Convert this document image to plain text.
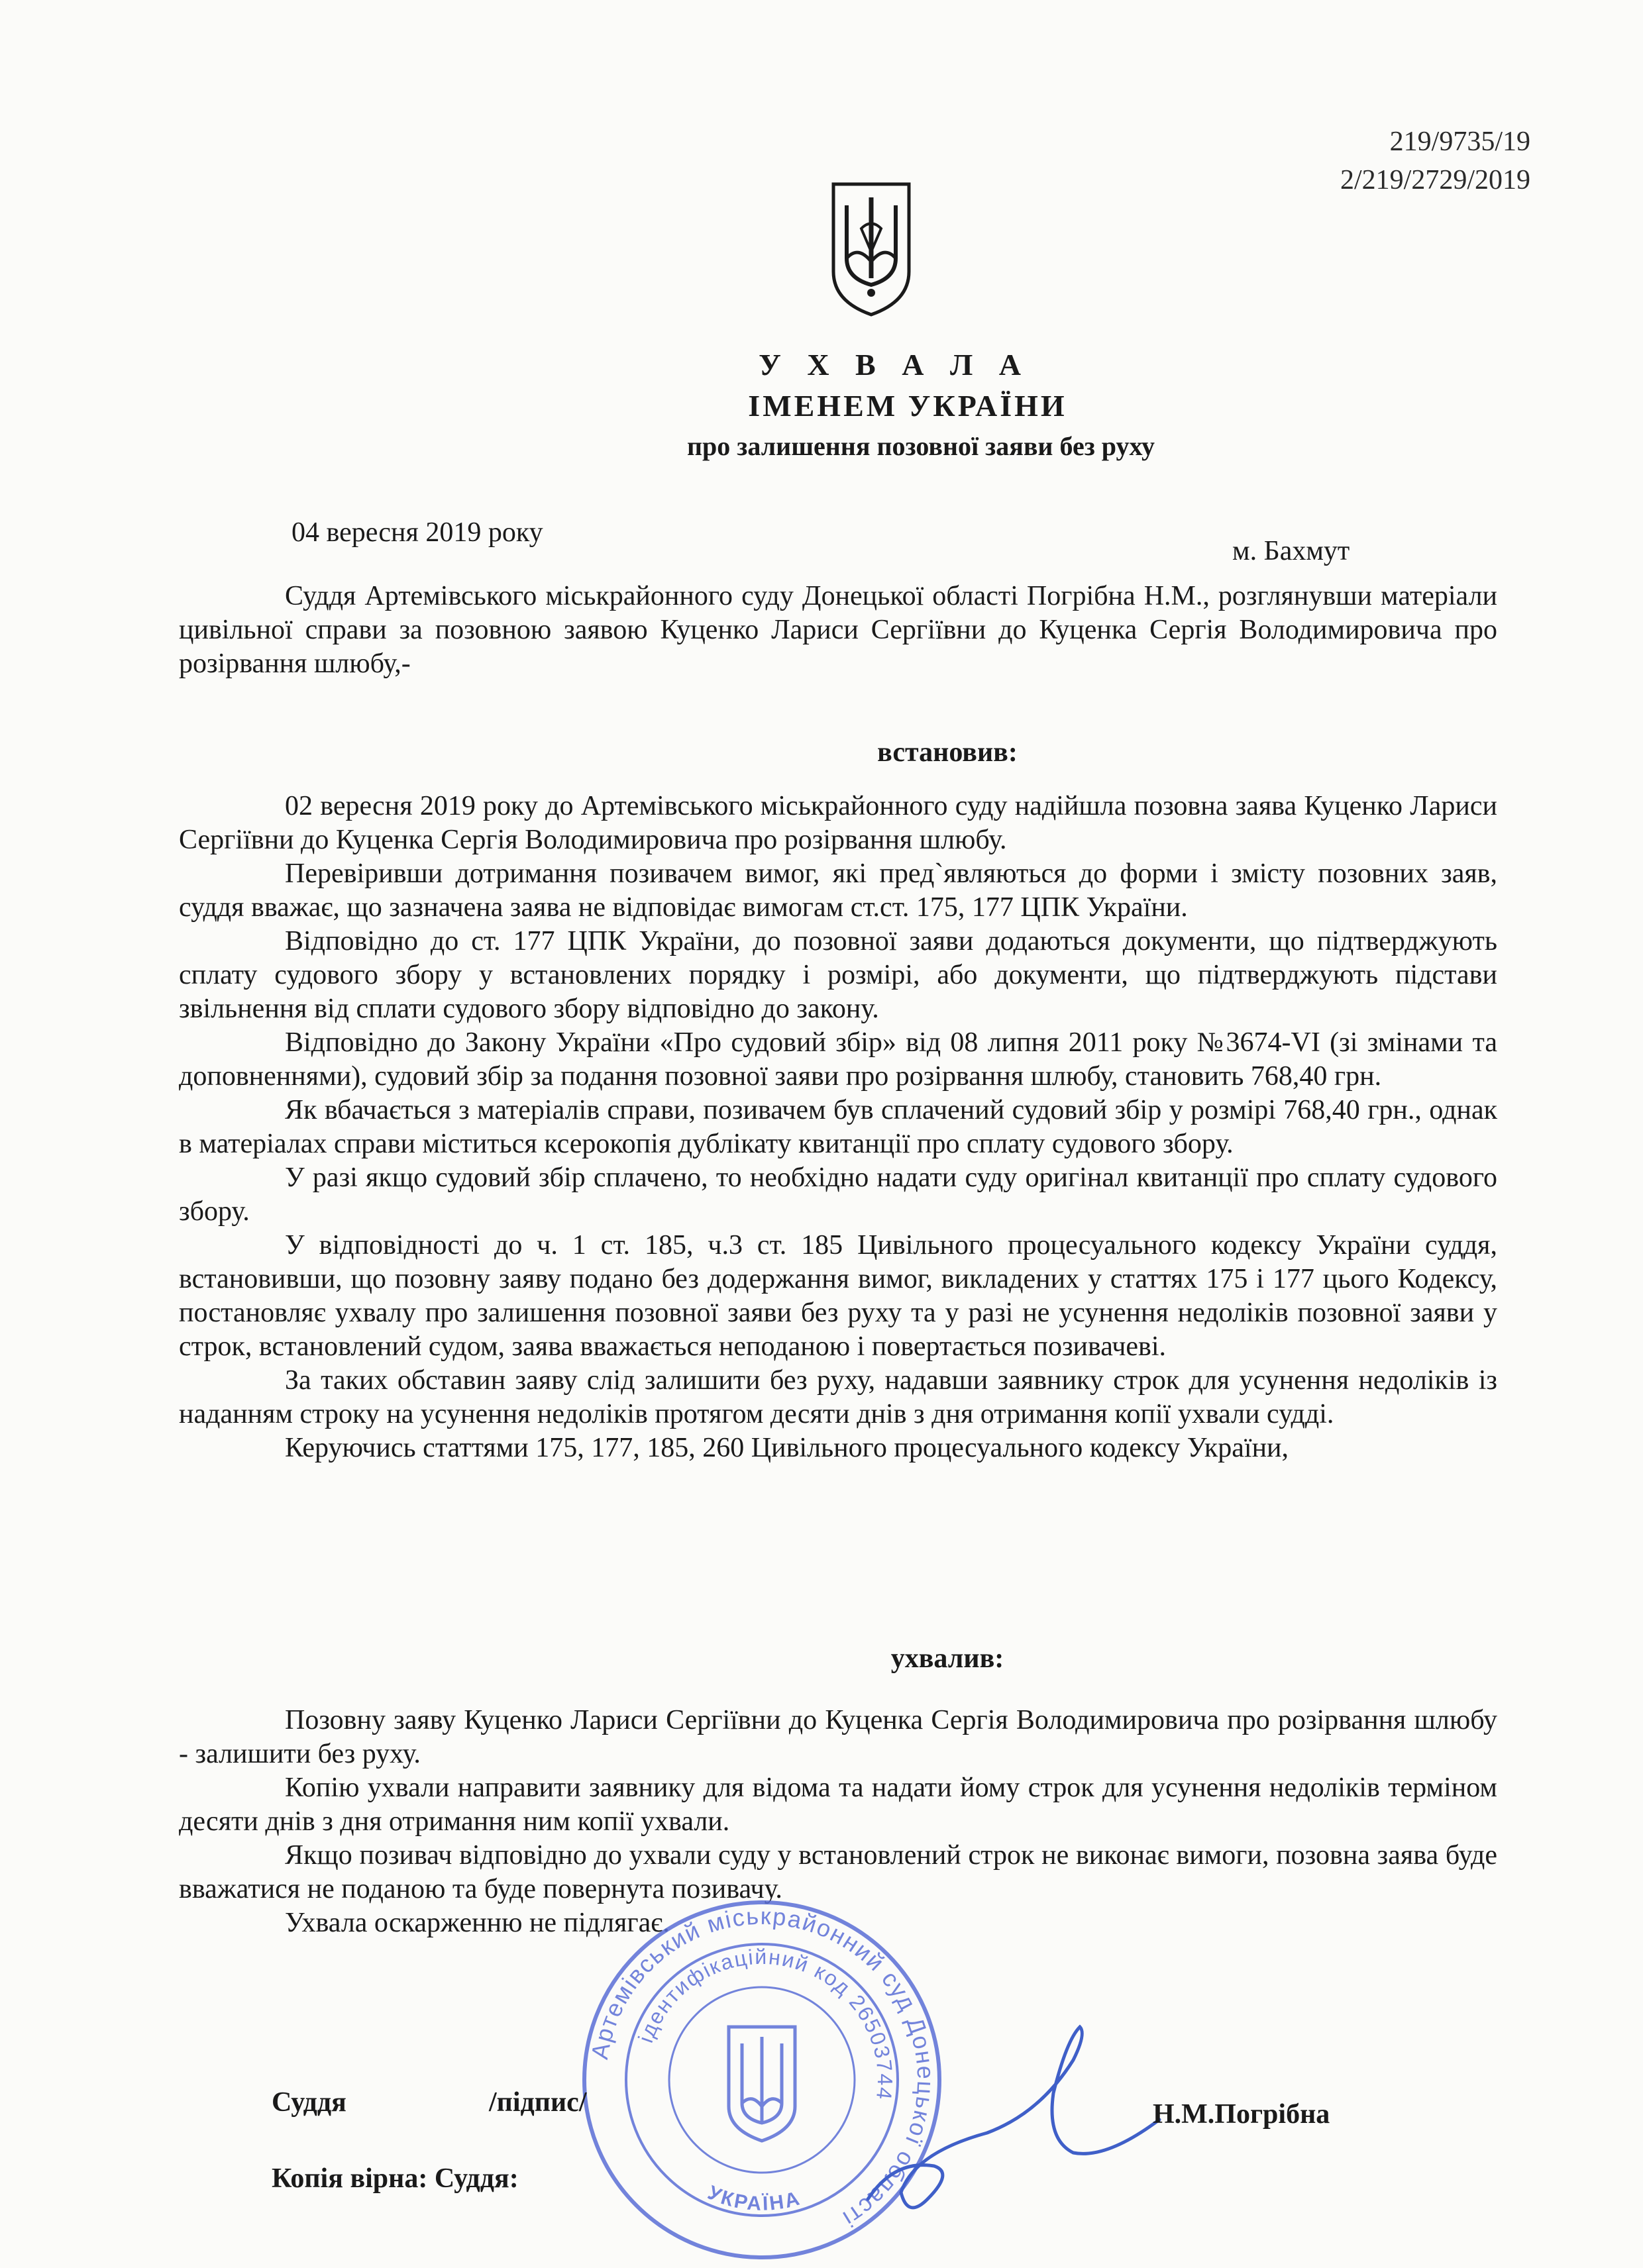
219/9735/19
2/219/2729/2019
У Х В А Л А
ІМЕНЕМ УКРАЇНИ
про залишення позовної заяви без руху
04 вересня 2019 року
м. Бахмут

Суддя Артемівського міськрайонного суду Донецької області Погрібна Н.М., розглянувши матеріали цивільної справи за позовною заявою Куценко Лариси Сергіївни до Куценка Сергія Володимировича про розірвання шлюбу,-

встановив:

02 вересня 2019 року до Артемівського міськрайонного суду надійшла позовна заява Куценко Лариси Сергіївни до Куценка Сергія Володимировича про розірвання шлюбу.

Перевіривши дотримання позивачем вимог, які пред`являються до форми і змісту позовних заяв, суддя вважає, що зазначена заява не відповідає вимогам ст.ст. 175, 177 ЦПК України.

Відповідно до ст. 177 ЦПК України, до позовної заяви додаються документи, що підтверджують сплату судового збору у встановлених порядку і розмірі, або документи, що підтверджують підстави звільнення від сплати судового збору відповідно до закону.

Відповідно до Закону України «Про судовий збір» від 08 липня 2011 року №3674-VI (зі змінами та доповненнями), судовий збір за подання позовної заяви про розірвання шлюбу, становить 768,40 грн.

Як вбачається з матеріалів справи, позивачем був сплачений судовий збір у розмірі 768,40 грн., однак в матеріалах справи міститься ксерокопія дублікату квитанції про сплату судового збору.

У разі якщо судовий збір сплачено, то необхідно надати суду оригінал квитанції про сплату судового збору.

У відповідності до ч. 1 ст. 185, ч.3 ст. 185 Цивільного процесуального кодексу України суддя, встановивши, що позовну заяву подано без додержання вимог, викладених у статтях 175 і 177 цього Кодексу, постановляє ухвалу про залишення позовної заяви без руху та у разі не усунення недоліків позовної заяви у строк, встановлений судом, заява вважається неподаною і повертається позивачеві.

За таких обставин заяву слід залишити без руху, надавши заявнику строк для усунення недоліків із наданням строку на усунення недоліків протягом десяти днів з дня отримання копії ухвали судді.

Керуючись статтями 175, 177, 185, 260 Цивільного процесуального кодексу України,

ухвалив:

Позовну заяву Куценко Лариси Сергіївни до Куценка Сергія Володимировича про розірвання шлюбу - залишити без руху.

Копію ухвали направити заявнику для відома та надати йому строк для усунення недоліків терміном десяти днів з дня отримання ним копії ухвали.

Якщо позивач відповідно до ухвали суду у встановлений строк не виконає вимоги, позовна заява буде вважатися не поданою та буде повернута позивачу.

Ухвала оскарженню не підлягає.

Артемівський міськрайонний суд Донецької області
ідентифікаційний код 26503744
УКРАЇНА
Суддя	/підпис/	Н.М.Погрібна
Копія вірна: Суддя:
